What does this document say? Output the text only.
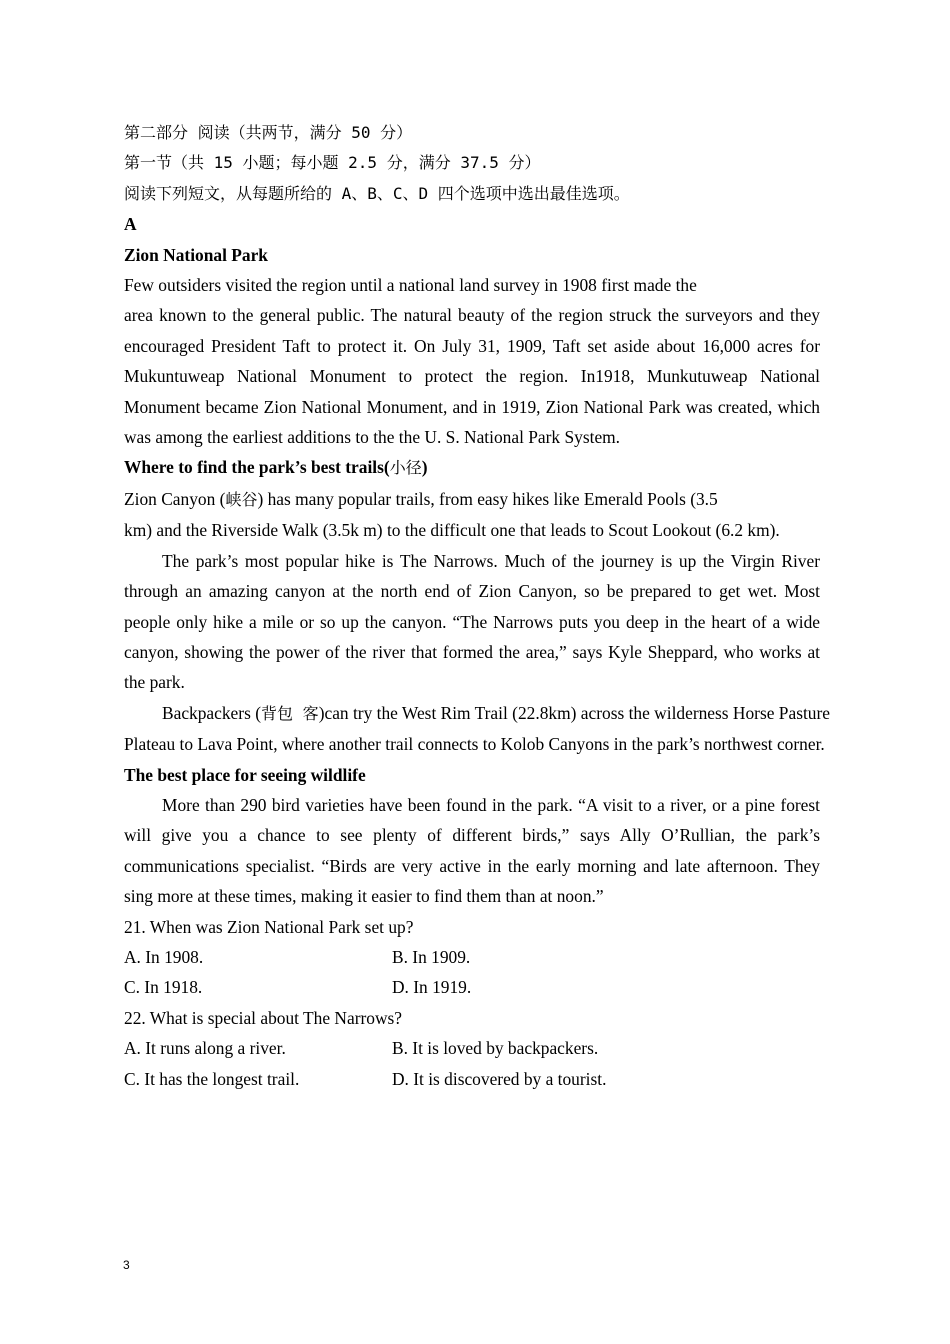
第二部分 阅读（共两节，满分 50 分）

第一节（共 15 小题；每小题 2.5 分，满分 37.5 分）

阅读下列短文，从每题所给的 A、B、C、D 四个选项中选出最佳选项。

A

Zion National Park

Few outsiders visited the region until a national land survey in 1908 first made the
area known to the general public. The natural beauty of the region struck the surveyors and they encouraged President Taft to protect it. On July 31, 1909, Taft set aside about 16,000 acres for Mukuntuweap National Monument to protect the region. In1918, Munkutuweap National Monument became Zion National Monument, and in 1919, Zion National Park was created, which was among the earliest additions to the the U. S. National Park System.

Where to find the park’s best trails(小径)

Zion Canyon (峡谷) has many popular trails, from easy hikes like Emerald Pools (3.5
km) and the Riverside Walk (3.5k m) to the difficult one that leads to Scout Lookout (6.2 km).

The park’s most popular hike is The Narrows. Much of the journey is up the Virgin River through an amazing canyon at the north end of Zion Canyon, so be prepared to get wet. Most people only hike a mile or so up the canyon. “The Narrows puts you deep in the heart of a wide canyon, showing the power of the river that formed the area,” says Kyle Sheppard, who works at the park.

Backpackers (背包 客)can try the West Rim Trail (22.8km) across the wilderness Horse Pasture Plateau to Lava Point, where another trail connects to Kolob Canyons in the park’s northwest corner.

The best place for seeing wildlife

More than 290 bird varieties have been found in the park. “A visit to a river, or a pine forest will give you a chance to see plenty of different birds,” says Ally O’Rullian, the park’s communications specialist. “Birds are very active in the early morning and late afternoon. They sing more at these times, making it easier to find them than at noon.”

21. When was Zion National Park set up?

A. In 1908.	B. In 1909.
C. In 1918.	D. In 1919.

22. What is special about The Narrows?

A. It runs along a river.	B. It is loved by backpackers.
C. It has the longest trail.	D. It is discovered by a tourist.
3
